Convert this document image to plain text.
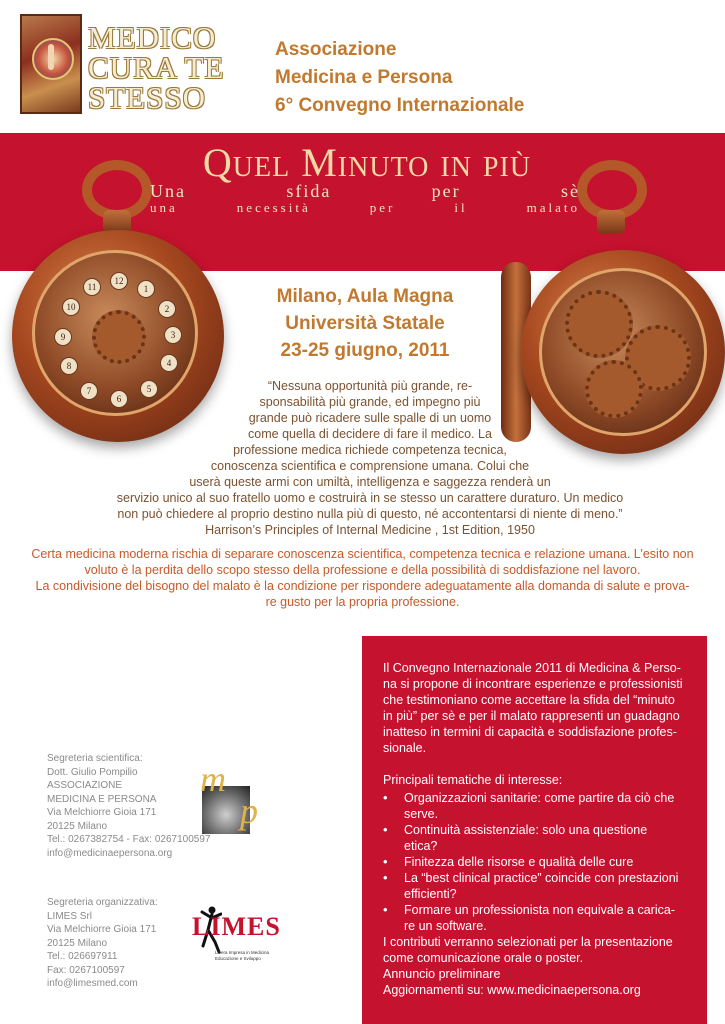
MEDICO
CURA TE
STESSO
Associazione
Medicina e Persona
6° Convegno Internazionale
11
12
1
2
10
3
9
4
8
5
7
6
Quel Minuto in più
Una sfida per sè
una necessità per il malato
Milano, Aula Magna
Università Statale
23-25 giugno, 2011
“Nessuna opportunità più grande, re-
sponsabilità più grande, ed impegno più
grande può ricadere sulle spalle di un uomo
come quella di decidere di fare il medico. La
professione medica richiede competenza tecnica,
conoscenza scientifica e comprensione umana. Colui che
userà queste armi con umiltà, intelligenza e saggezza renderà un
servizio unico al suo fratello uomo e costruirà in se stesso un carattere duraturo. Un medico
non può chiedere al proprio destino nulla più di questo, né accontentarsi di niente di meno.”
Harrison’s Principles of Internal Medicine , 1st Edition, 1950
Certa medicina moderna rischia di separare conoscenza scientifica, competenza tecnica e relazione umana. L’esito non
voluto è la perdita dello scopo stesso della professione e della possibilità di soddisfazione nel lavoro.
La condivisione del bisogno del malato è la condizione per rispondere adeguatamente alla domanda di salute e prova-
re gusto per la propria professione.
Il Convegno Internazionale 2011 di Medicina & Perso-
na si propone di incontrare esperienze e professionisti
che testimoniano come accettare la sfida del “minuto
in più” per sè e per il malato rappresenti un guadagno
inatteso in termini di capacità e soddisfazione profes-
sionale.
Principali tematiche di interesse:
•	Organizzazioni sanitarie: come partire da ciò che
serve.
•	Continuità assistenziale: solo una questione
etica?
•	Finitezza delle risorse e qualità delle cure
•	La “best clinical practice” coincide con prestazioni
efficienti?
•	Formare un professionista non equivale a carica-
re un software.
I contributi verranno selezionati per la presentazione
come comunicazione orale o poster.
Annuncio preliminare
Aggiornamenti su: www.medicinaepersona.org
Segreteria scientifica:
Dott. Giulio Pompilio
ASSOCIAZIONE
MEDICINA E PERSONA
Via Melchiorre Gioia 171
20125 Milano
Tel.: 0267382754 - Fax: 0267100597
info@medicinaepersona.org
m
p
Segreteria organizzativa:
LIMES Srl
Via Melchiorre Gioia 171
20125 Milano
Tel.: 026697911
Fax: 0267100597
info@limesmed.com
LIMES
Libera Impresa in Medicina
Educazione e Sviluppo
